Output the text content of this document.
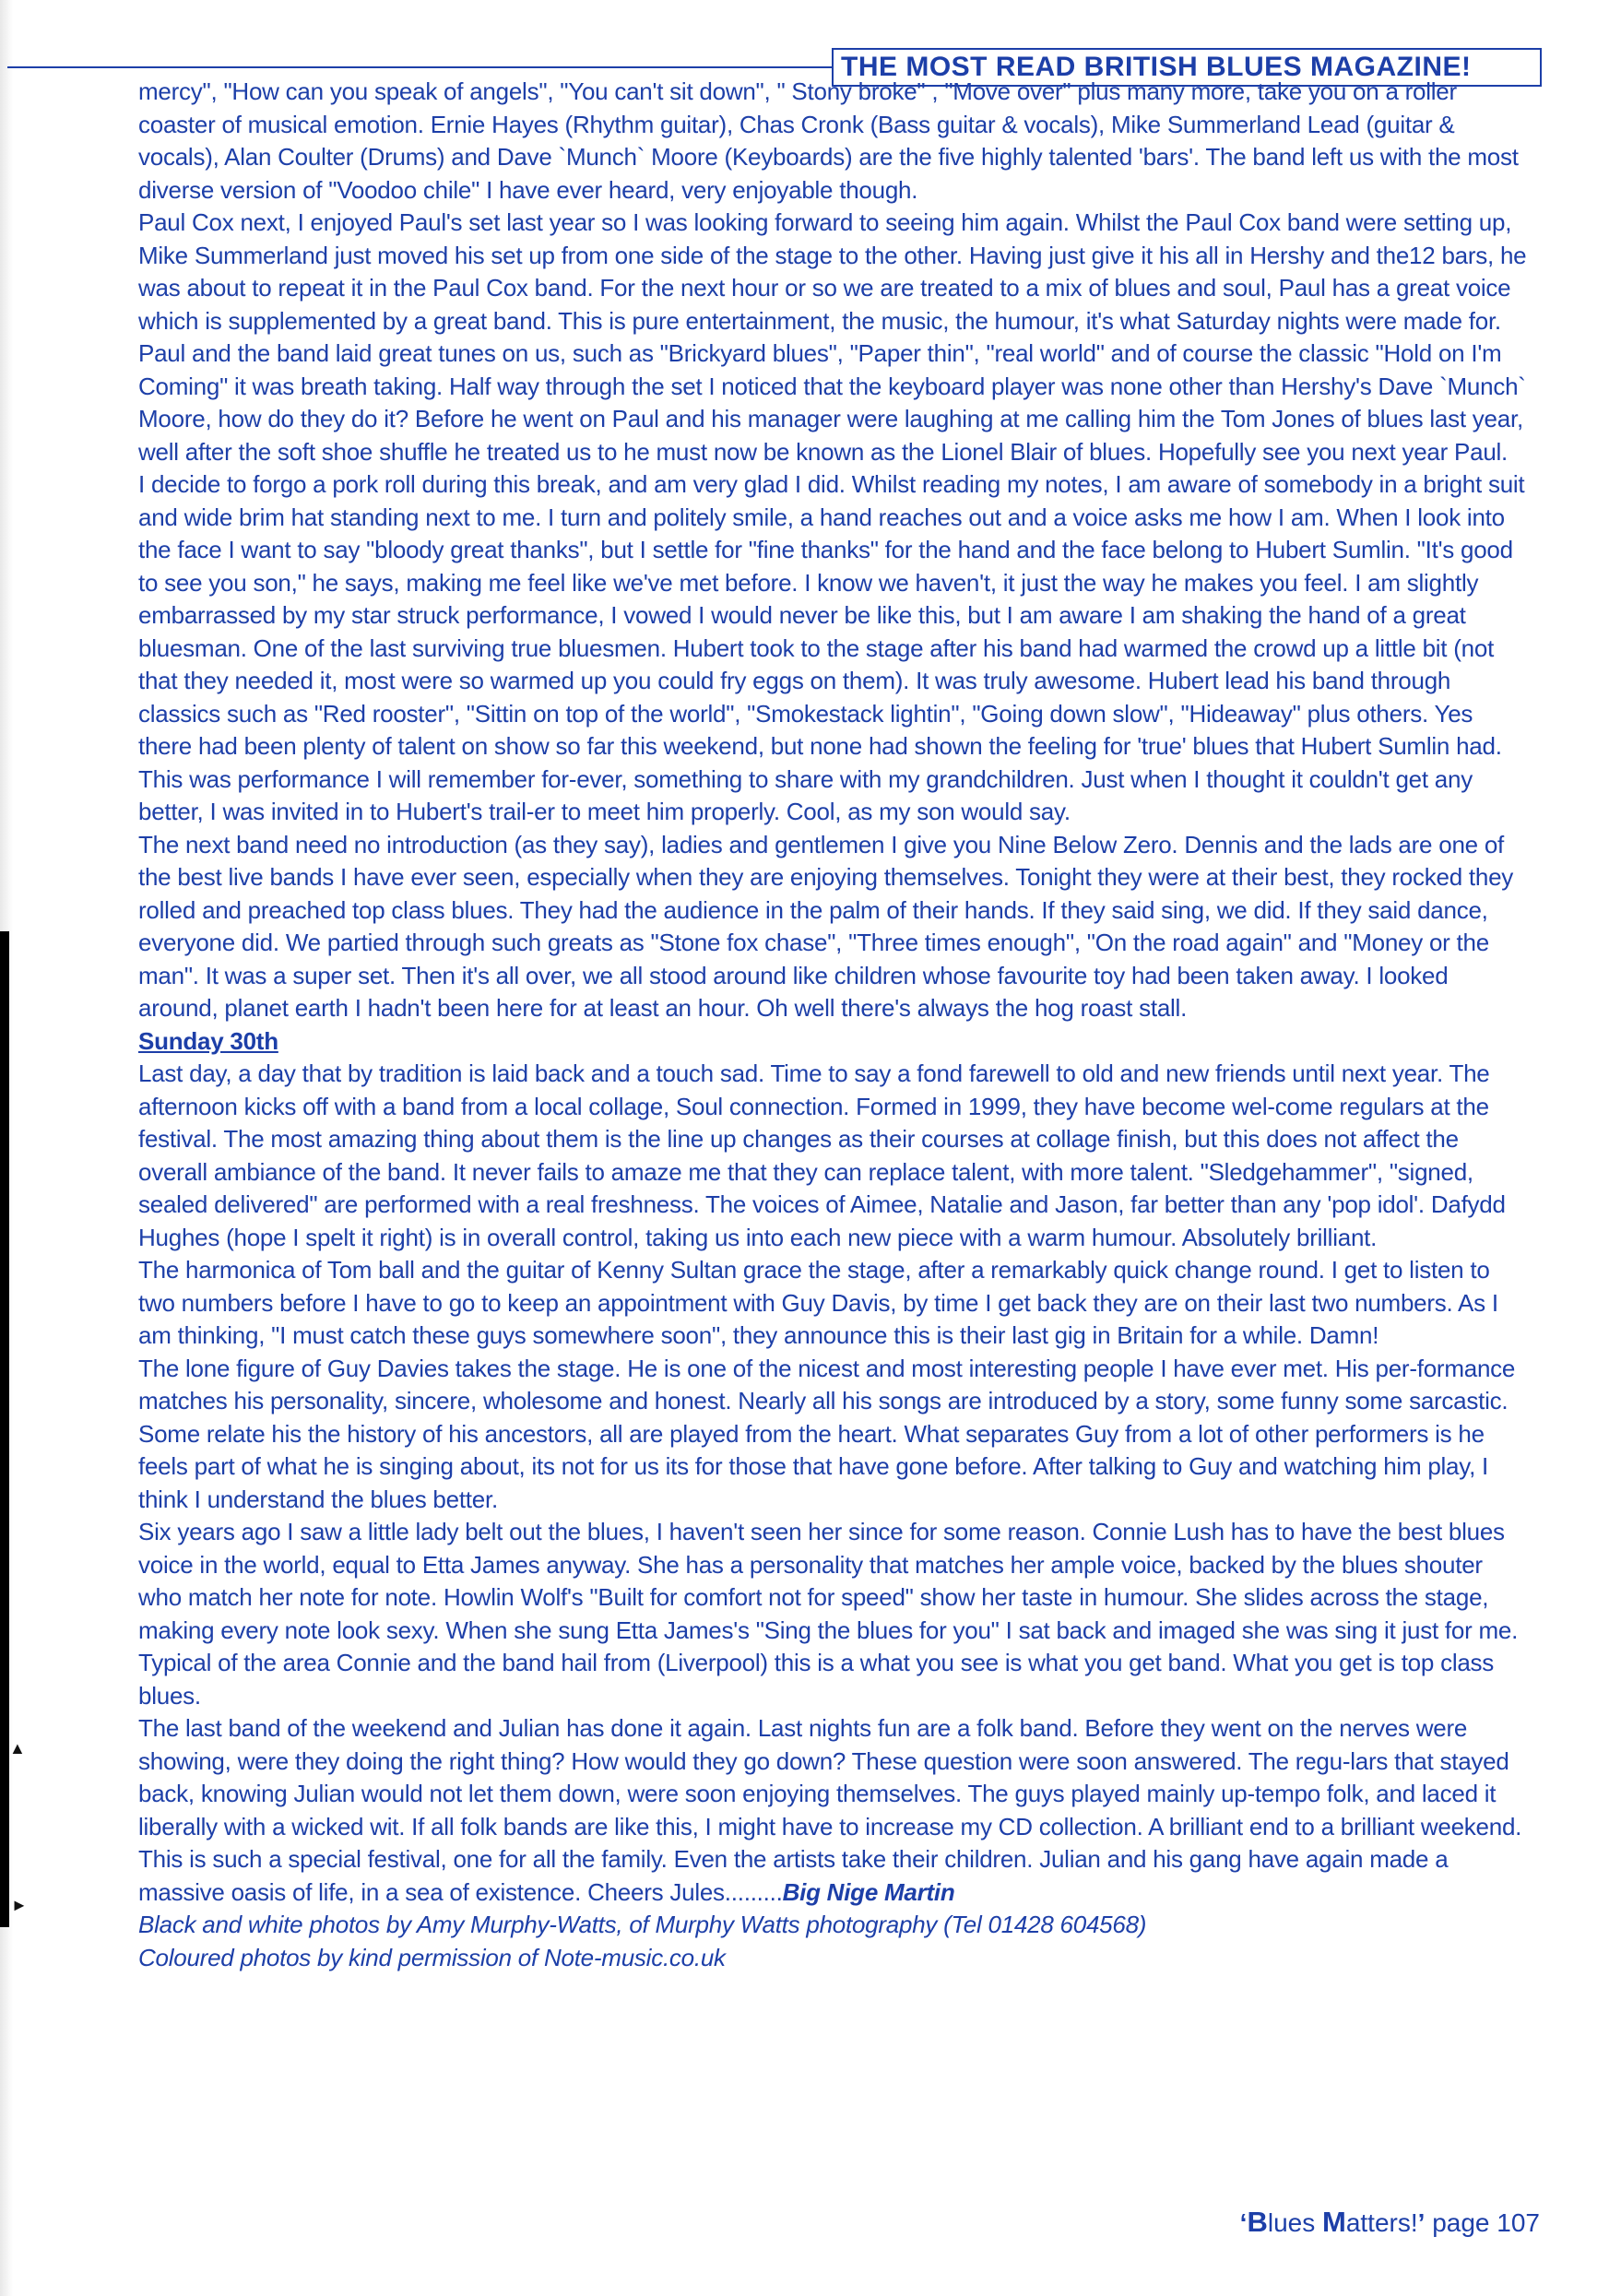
THE MOST READ BRITISH BLUES MAGAZINE!

mercy", "How can you speak of angels", "You can't sit down", " Stony broke" , "Move over" plus many more, take you on a roller coaster of musical emotion. Ernie Hayes (Rhythm guitar), Chas Cronk (Bass guitar & vocals), Mike Summerland Lead (guitar & vocals), Alan Coulter (Drums) and Dave `Munch` Moore (Keyboards) are the five highly talented 'bars'. The band left us with the most diverse version of "Voodoo chile" I have ever heard, very enjoyable though.

Paul Cox next, I enjoyed Paul's set last year so I was looking forward to seeing him again. Whilst the Paul Cox band were setting up, Mike Summerland just moved his set up from one side of the stage to the other. Having just give it his all in Hershy and the12 bars, he was about to repeat it in the Paul Cox band. For the next hour or so we are treated to a mix of blues and soul, Paul has a great voice which is supplemented by a great band. This is pure entertainment, the music, the humour, it's what Saturday nights were made for. Paul and the band laid great tunes on us, such as "Brickyard blues", "Paper thin", "real world" and of course the classic "Hold on I'm Coming" it was breath taking. Half way through the set I noticed that the keyboard player was none other than Hershy's Dave `Munch` Moore, how do they do it? Before he went on Paul and his manager were laughing at me calling him the Tom Jones of blues last year, well after the soft shoe shuffle he treated us to he must now be known as the Lionel Blair of blues. Hopefully see you next year Paul.

I decide to forgo a pork roll during this break, and am very glad I did. Whilst reading my notes, I am aware of somebody in a bright suit and wide brim hat standing next to me. I turn and politely smile, a hand reaches out and a voice asks me how I am. When I look into the face I want to say "bloody great thanks", but I settle for "fine thanks" for the hand and the face belong to Hubert Sumlin. "It's good to see you son," he says, making me feel like we've met before. I know we haven't, it just the way he makes you feel. I am slightly embarrassed by my star struck performance, I vowed I would never be like this, but I am aware I am shaking the hand of a great bluesman. One of the last surviving true bluesmen. Hubert took to the stage after his band had warmed the crowd up a little bit (not that they needed it, most were so warmed up you could fry eggs on them). It was truly awesome. Hubert lead his band through classics such as "Red rooster", "Sittin on top of the world", "Smokestack lightin", "Going down slow", "Hideaway" plus others. Yes there had been plenty of talent on show so far this weekend, but none had shown the feeling for 'true' blues that Hubert Sumlin had. This was performance I will remember for-ever, something to share with my grandchildren. Just when I thought it couldn't get any better, I was invited in to Hubert's trail-er to meet him properly. Cool, as my son would say.

The next band need no introduction (as they say), ladies and gentlemen I give you Nine Below Zero. Dennis and the lads are one of the best live bands I have ever seen, especially when they are enjoying themselves. Tonight they were at their best, they rocked they rolled and preached top class blues. They had the audience in the palm of their hands. If they said sing, we did. If they said dance, everyone did. We partied through such greats as "Stone fox chase", "Three times enough", "On the road again" and "Money or the man". It was a super set. Then it's all over, we all stood around like children whose favourite toy had been taken away. I looked around, planet earth I hadn't been here for at least an hour. Oh well there's always the hog roast stall.

Sunday 30th

Last day, a day that by tradition is laid back and a touch sad. Time to say a fond farewell to old and new friends until next year. The afternoon kicks off with a band from a local collage, Soul connection. Formed in 1999, they have become wel-come regulars at the festival. The most amazing thing about them is the line up changes as their courses at collage finish, but this does not affect the overall ambiance of the band. It never fails to amaze me that they can replace talent, with more talent. "Sledgehammer", "signed, sealed delivered" are performed with a real freshness. The voices of Aimee, Natalie and Jason, far better than any 'pop idol'. Dafydd Hughes (hope I spelt it right) is in overall control, taking us into each new piece with a warm humour. Absolutely brilliant.

The harmonica of Tom ball and the guitar of Kenny Sultan grace the stage, after a remarkably quick change round. I get to listen to two numbers before I have to go to keep an appointment with Guy Davis, by time I get back they are on their last two numbers. As I am thinking, "I must catch these guys somewhere soon", they announce this is their last gig in Britain for a while. Damn!

The lone figure of Guy Davies takes the stage. He is one of the nicest and most interesting people I have ever met. His per-formance matches his personality, sincere, wholesome and honest. Nearly all his songs are introduced by a story, some funny some sarcastic. Some relate his the history of his ancestors, all are played from the heart. What separates Guy from a lot of other performers is he feels part of what he is singing about, its not for us its for those that have gone before. After talking to Guy and watching him play, I think I understand the blues better.

Six years ago I saw a little lady belt out the blues, I haven't seen her since for some reason. Connie Lush has to have the best blues voice in the world, equal to Etta James anyway. She has a personality that matches her ample voice, backed by the blues shouter who match her note for note. Howlin Wolf's "Built for comfort not for speed" show her taste in humour. She slides across the stage, making every note look sexy. When she sung Etta James's "Sing the blues for you" I sat back and imaged she was sing it just for me. Typical of the area Connie and the band hail from (Liverpool) this is a what you see is what you get band. What you get is top class blues.

The last band of the weekend and Julian has done it again. Last nights fun are a folk band. Before they went on the nerves were showing, were they doing the right thing? How would they go down? These question were soon answered. The regu-lars that stayed back, knowing Julian would not let them down, were soon enjoying themselves. The guys played mainly up-tempo folk, and laced it liberally with a wicked wit. If all folk bands are like this, I might have to increase my CD collection. A brilliant end to a brilliant weekend. This is such a special festival, one for all the family. Even the artists take their children. Julian and his gang have again made a massive oasis of life, in a sea of existence. Cheers Jules.........Big Nige Martin

Black and white photos by Amy Murphy-Watts, of Murphy Watts photography (Tel 01428 604568)

Coloured photos by kind permission of Note-music.co.uk

‘Blues Matters!’ page 107
▲
►
